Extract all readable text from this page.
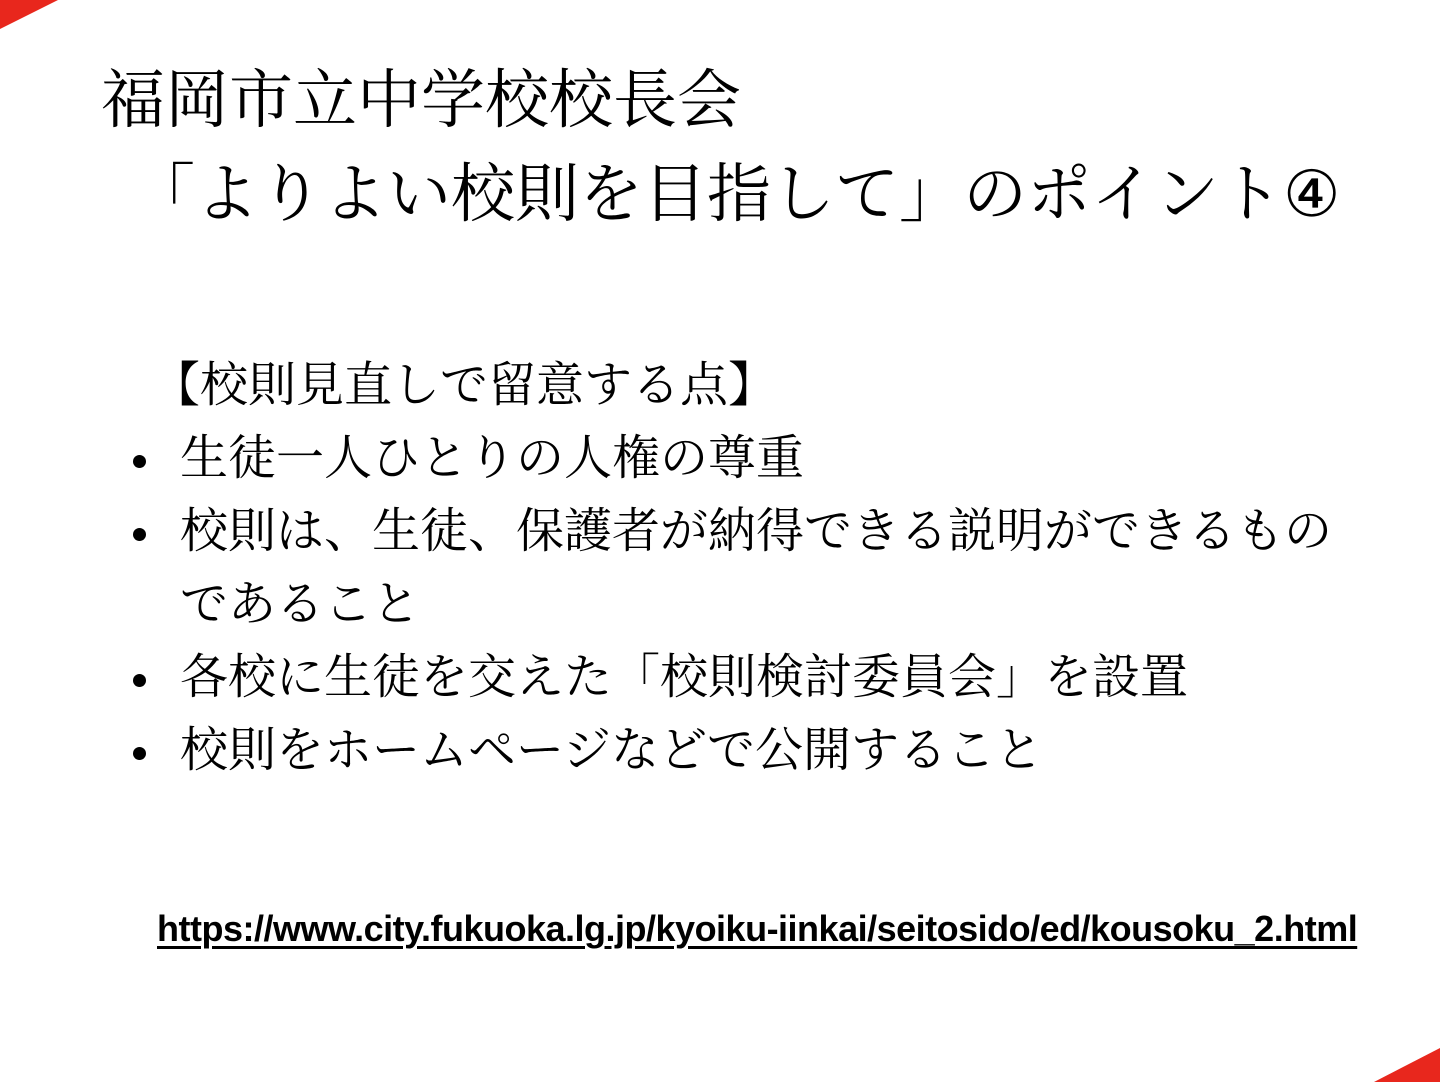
福岡市立中学校校長会
「よりよい校則を目指して」のポイント④
【校則見直しで留意する点】
生徒一人ひとりの人権の尊重
校則は、生徒、保護者が納得できる説明ができるものであること
各校に生徒を交えた「校則検討委員会」を設置
校則をホームページなどで公開すること
https://www.city.fukuoka.lg.jp/kyoiku-iinkai/seitosido/ed/kousoku_2.html
